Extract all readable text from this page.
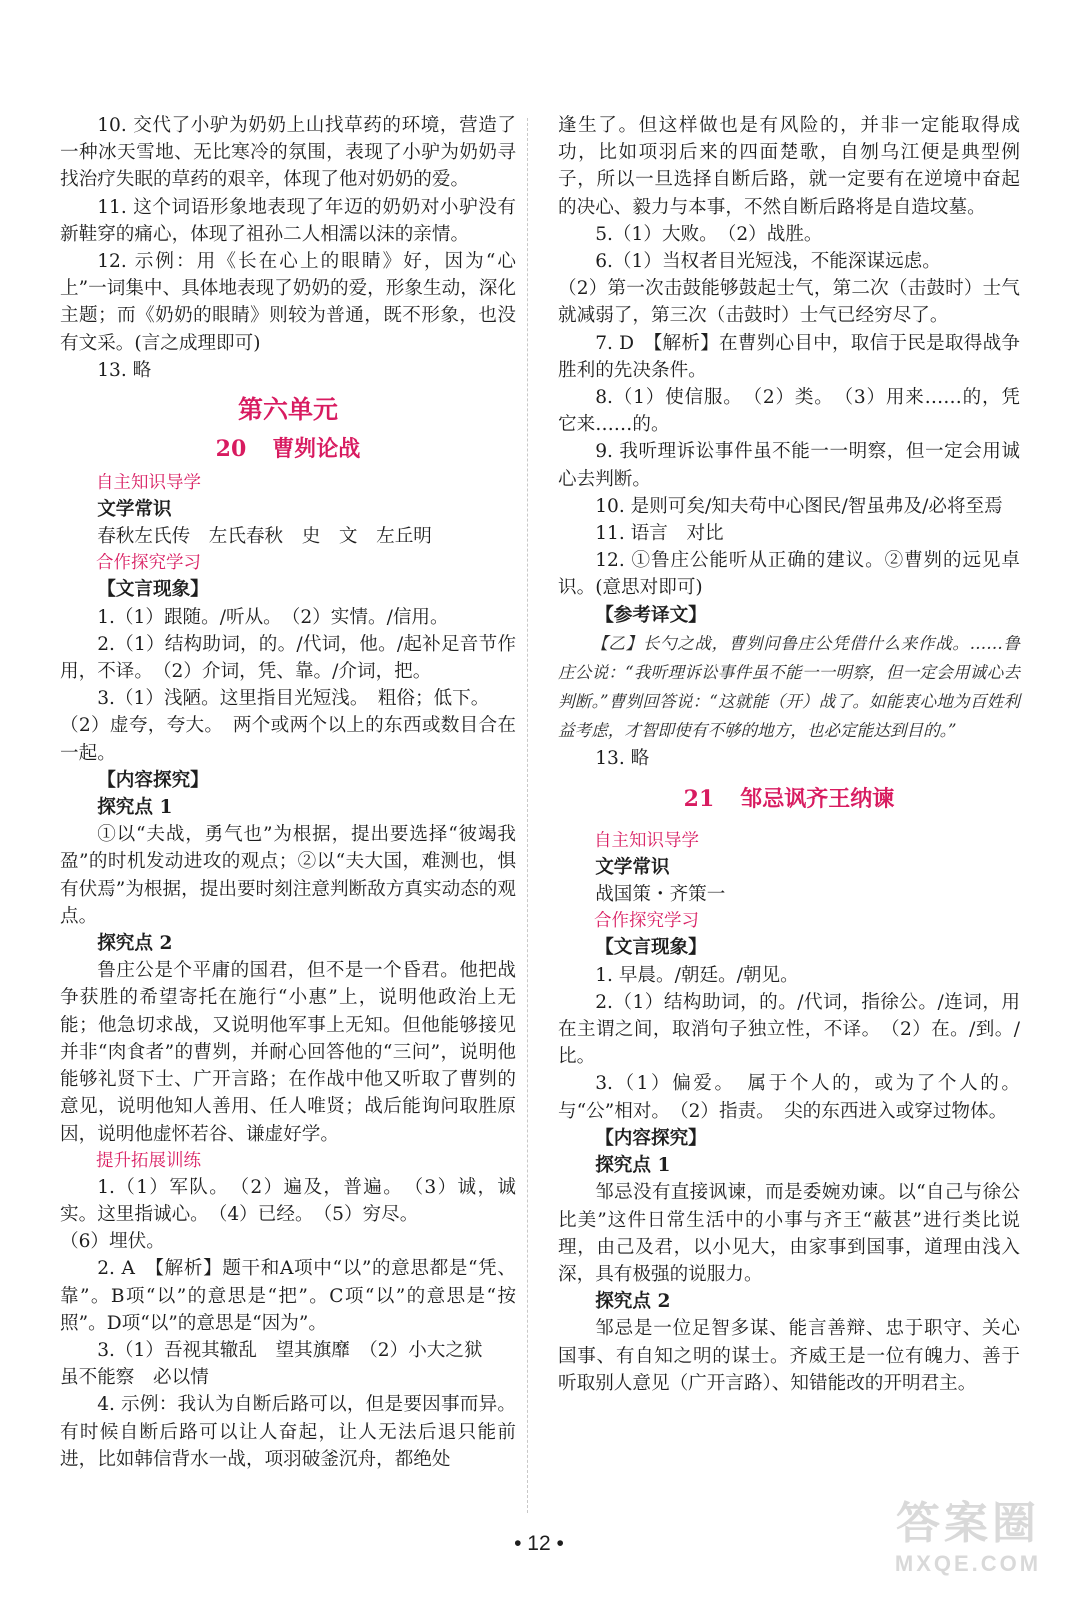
10. 交代了小驴为奶奶上山找草药的环境，营造了一种冰天雪地、无比寒冷的氛围，表现了小驴为奶奶寻找治疗失眠的草药的艰辛，体现了他对奶奶的爱。

11. 这个词语形象地表现了年迈的奶奶对小驴没有新鞋穿的痛心，体现了祖孙二人相濡以沫的亲情。

12. 示例：用《长在心上的眼睛》好，因为“心上”一词集中、具体地表现了奶奶的爱，形象生动，深化主题；而《奶奶的眼睛》则较为普通，既不形象，也没有文采。(言之成理即可)

13. 略

第六单元
20 曹刿论战
自主知识导学

文学常识

春秋左氏传　左氏春秋　史　文　左丘明

合作探究学习

【文言现象】

1.（1）跟随。/听从。　（2）实情。/信用。

2.（1）结构助词，的。/代词，他。/起补足音节作用，不译。　（2）介词，凭、靠。/介词，把。

3.（1）浅陋。这里指目光短浅。　粗俗；低下。

（2）虚夸，夸大。　两个或两个以上的东西或数目合在一起。

【内容探究】

探究点 1

①以“夫战，勇气也”为根据，提出要选择“彼竭我盈”的时机发动进攻的观点；②以“夫大国，难测也，惧有伏焉”为根据，提出要时刻注意判断敌方真实动态的观点。

探究点 2

鲁庄公是个平庸的国君，但不是一个昏君。他把战争获胜的希望寄托在施行“小惠”上，说明他政治上无能；他急切求战，又说明他军事上无知。但他能够接见并非“肉食者”的曹刿，并耐心回答他的“三问”，说明他能够礼贤下士、广开言路；在作战中他又听取了曹刿的意见，说明他知人善用、任人唯贤；战后能询问取胜原因，说明他虚怀若谷、谦虚好学。

提升拓展训练

1.（1）军队。　（2）遍及，普遍。　（3）诚，诚实。这里指诚心。　（4）已经。　（5）穷尽。

（6）埋伏。

2. A　【解析】题干和A项中“以”的意思都是“凭、靠”。B项“以”的意思是“把”。C项“以”的意思是“按照”。D项“以”的意思是“因为”。

3.（1）吾视其辙乱　望其旗靡　（2）小大之狱

虽不能察　必以情

4. 示例：我认为自断后路可以，但是要因事而异。有时候自断后路可以让人奋起，让人无法后退只能前进，比如韩信背水一战，项羽破釜沉舟，都绝处

逢生了。但这样做也是有风险的，并非一定能取得成功，比如项羽后来的四面楚歌，自刎乌江便是典型例子，所以一旦选择自断后路，就一定要有在逆境中奋起的决心、毅力与本事，不然自断后路将是自造坟墓。

5.（1）大败。　（2）战胜。

6.（1）当权者目光短浅，不能深谋远虑。

（2）第一次击鼓能够鼓起士气，第二次（击鼓时）士气就减弱了，第三次（击鼓时）士气已经穷尽了。

7. D　【解析】在曹刿心目中，取信于民是取得战争胜利的先决条件。

8.（1）使信服。　（2）类。　（3）用来……的，凭它来……的。

9. 我听理诉讼事件虽不能一一明察，但一定会用诚心去判断。

10. 是则可矣/知夫苟中心图民/智虽弗及/必将至焉

11. 语言　对比

12. ①鲁庄公能听从正确的建议。②曹刿的远见卓识。(意思对即可)

【参考译文】

【乙】长勺之战，曹刿问鲁庄公凭借什么来作战。……鲁庄公说：“我听理诉讼事件虽不能一一明察，但一定会用诚心去判断。”曹刿回答说：“这就能（开）战了。如能衷心地为百姓利益考虑，才智即使有不够的地方，也必定能达到目的。”

13. 略

21 邹忌讽齐王纳谏
自主知识导学

文学常识

战国策・齐策一

合作探究学习

【文言现象】

1. 早晨。/朝廷。/朝见。

2.（1）结构助词，的。/代词，指徐公。/连词，用在主谓之间，取消句子独立性，不译。　（2）在。/到。/比。

3.（1）偏爱。　属于个人的，或为了个人的。与“公”相对。　（2）指责。　尖的东西进入或穿过物体。

【内容探究】

探究点 1

邹忌没有直接讽谏，而是委婉劝谏。以“自己与徐公比美”这件日常生活中的小事与齐王“蔽甚”进行类比说理，由己及君，以小见大，由家事到国事，道理由浅入深，具有极强的说服力。

探究点 2

邹忌是一位足智多谋、能言善辩、忠于职守、关心国事、有自知之明的谋士。齐威王是一位有魄力、善于听取别人意见（广开言路）、知错能改的开明君主。

• 12 •	答案圈
MXQE.COM
